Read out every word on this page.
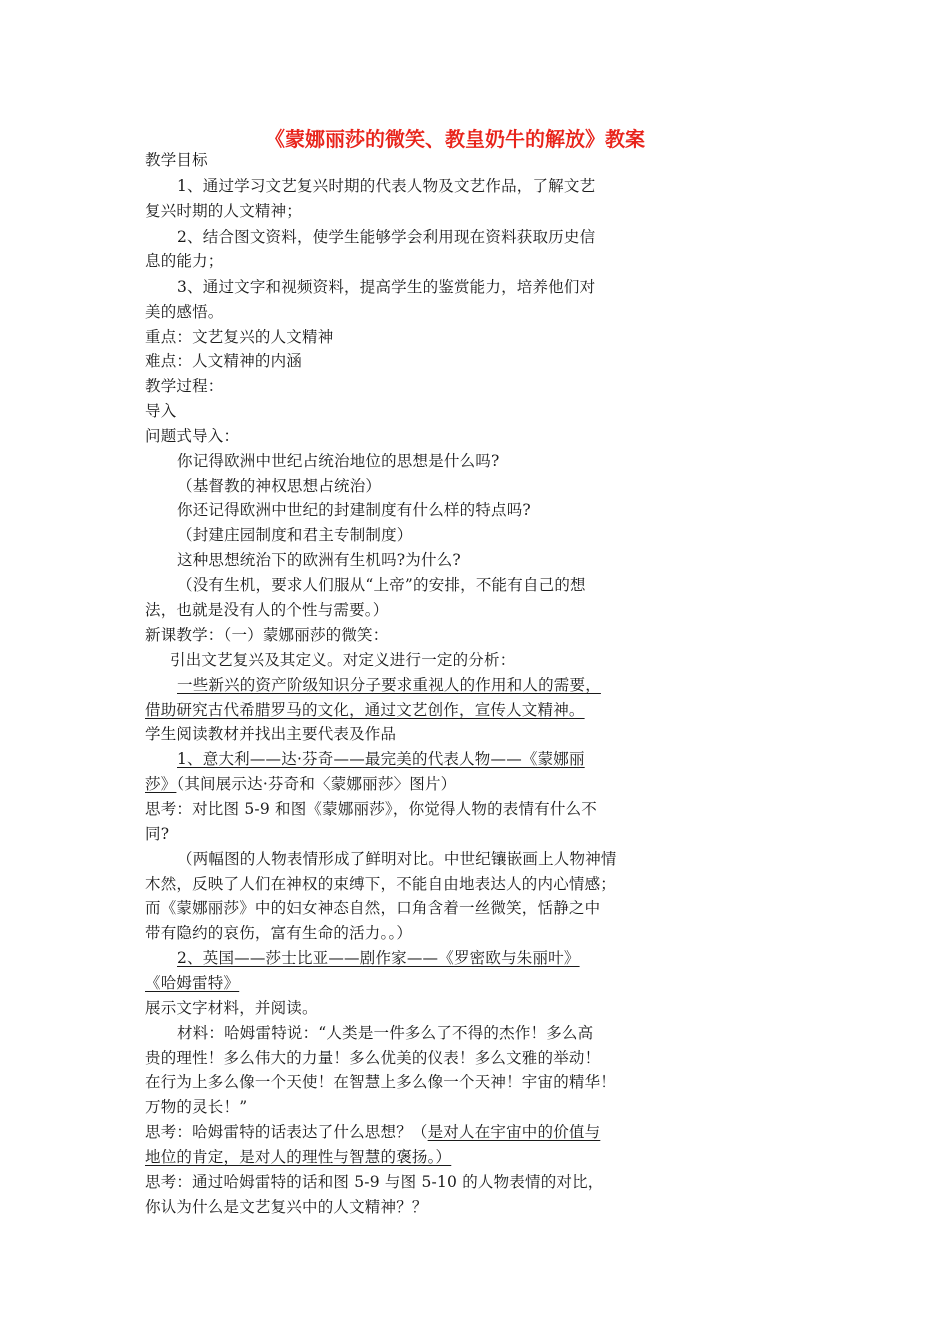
《蒙娜丽莎的微笑、教皇奶牛的解放》教案
教学目标
1、通过学习文艺复兴时期的代表人物及文艺作品，了解文艺
复兴时期的人文精神；
2、结合图文资料，使学生能够学会利用现在资料获取历史信
息的能力；
3、通过文字和视频资料，提高学生的鉴赏能力，培养他们对
美的感悟。
重点：文艺复兴的人文精神
难点：人文精神的内涵
教学过程：
导入
问题式导入：
你记得欧洲中世纪占统治地位的思想是什么吗?
（基督教的神权思想占统治）
你还记得欧洲中世纪的封建制度有什么样的特点吗?
（封建庄园制度和君主专制制度）
这种思想统治下的欧洲有生机吗?为什么?
（没有生机，要求人们服从“上帝”的安排，不能有自己的想
法，也就是没有人的个性与需要。）
新课教学：（一）蒙娜丽莎的微笑：
引出文艺复兴及其定义。对定义进行一定的分析：
一些新兴的资产阶级知识分子要求重视人的作用和人的需要，
借助研究古代希腊罗马的文化，通过文艺创作，宣传人文精神。
学生阅读教材并找出主要代表及作品
1、意大利——达·芬奇——最完美的代表人物——《蒙娜丽
莎》（其间展示达·芬奇和〈蒙娜丽莎〉图片）
思考：对比图 5-9 和图《蒙娜丽莎》，你觉得人物的表情有什么不
同?
（两幅图的人物表情形成了鲜明对比。中世纪镶嵌画上人物神情
木然，反映了人们在神权的束缚下，不能自由地表达人的内心情感；
而《蒙娜丽莎》中的妇女神态自然，口角含着一丝微笑，恬静之中
带有隐约的哀伤，富有生命的活力。。）
2、英国——莎士比亚——剧作家——《罗密欧与朱丽叶》
《哈姆雷特》
展示文字材料，并阅读。
材料：哈姆雷特说：“人类是一件多么了不得的杰作！多么高
贵的理性！多么伟大的力量！多么优美的仪表！多么文雅的举动！
在行为上多么像一个天使！在智慧上多么像一个天神！宇宙的精华！
万物的灵长！”
思考：哈姆雷特的话表达了什么思想？（是对人在宇宙中的价值与
地位的肯定，是对人的理性与智慧的褒扬。）
思考：通过哈姆雷特的话和图 5-9 与图 5-10 的人物表情的对比，
你认为什么是文艺复兴中的人文精神？？
